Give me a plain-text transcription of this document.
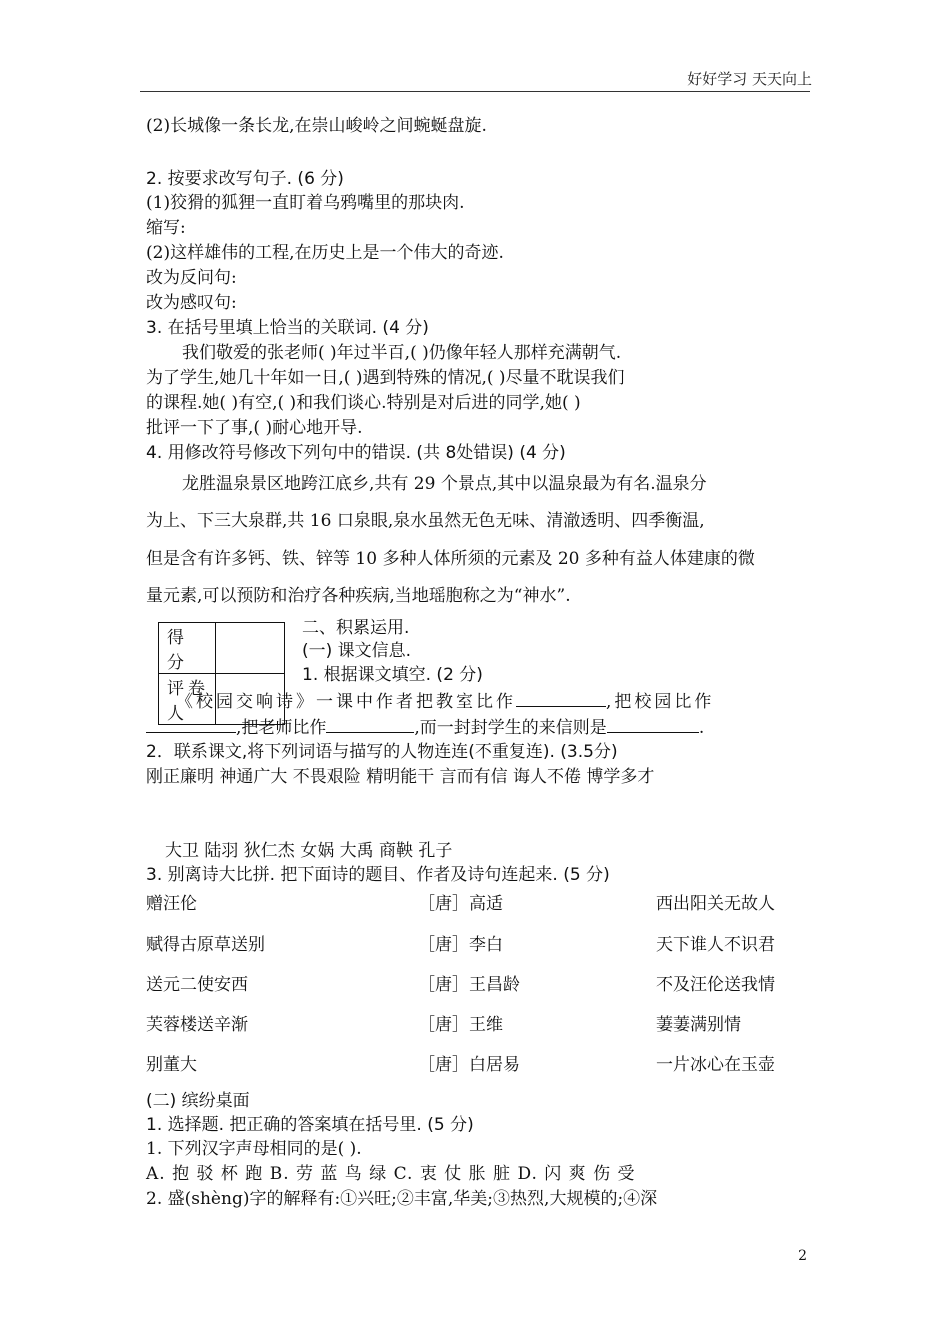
好好学习 天天向上
(2)长城像一条长龙,在崇山峻岭之间蜿蜒盘旋.
2. 按要求改写句子. (6 分)
(1)狡猾的狐狸一直盯着乌鸦嘴里的那块肉.
缩写:
(2)这样雄伟的工程,在历史上是一个伟大的奇迹.
改为反问句:
改为感叹句:
3. 在括号里填上恰当的关联词. (4 分)
我们敬爱的张老师( )年过半百,( )仍像年轻人那样充满朝气.
为了学生,她几十年如一日,( )遇到特殊的情况,( )尽量不耽误我们
的课程.她( )有空,( )和我们谈心.特别是对后进的同学,她( )
批评一下了事,( )耐心地开导.
4. 用修改符号修改下列句中的错误. (共 8处错误) (4 分)
龙胜温泉景区地跨江底乡,共有 29 个景点,其中以温泉最为有名.温泉分
为上、下三大泉群,共 16 口泉眼,泉水虽然无色无味、清澈透明、四季衡温,
但是含有许多钙、铁、锌等 10 多种人体所须的元素及 20 多种有益人体建康的微
量元素,可以预防和治疗各种疾病,当地瑶胞称之为“神水”.
得 分	
评卷人	
二、积累运用.
(一) 课文信息.
1. 根据课文填空. (2 分)
《校园交响诗》一课中作者把教室比作	,把校园比作
,把老师比作	,而一封封学生的来信则是	.
2．联系课文,将下列词语与描写的人物连连(不重复连). (3.5分)
刚正廉明 神通广大 不畏艰险 精明能干 言而有信 诲人不倦 博学多才
大卫 陆羽 狄仁杰 女娲 大禹 商鞅 孔子
3. 别离诗大比拼. 把下面诗的题目、作者及诗句连起来. (5 分)
赠汪伦	［唐］高适	西出阳关无故人
赋得古原草送别	［唐］李白	天下谁人不识君
送元二使安西	［唐］王昌龄	不及汪伦送我情
芙蓉楼送辛渐	［唐］王维	萋萋满别情
别董大	［唐］白居易	一片冰心在玉壶
(二) 缤纷桌面
1. 选择题. 把正确的答案填在括号里. (5 分)
1. 下列汉字声母相同的是( ).
A. 抱 驳 杯 跑 B. 劳 蓝 鸟 绿 C. 衷 仗 胀 脏 D. 闪 爽 伤 受
2. 盛(shèng)字的解释有:①兴旺;②丰富,华美;③热烈,大规模的;④深
2
